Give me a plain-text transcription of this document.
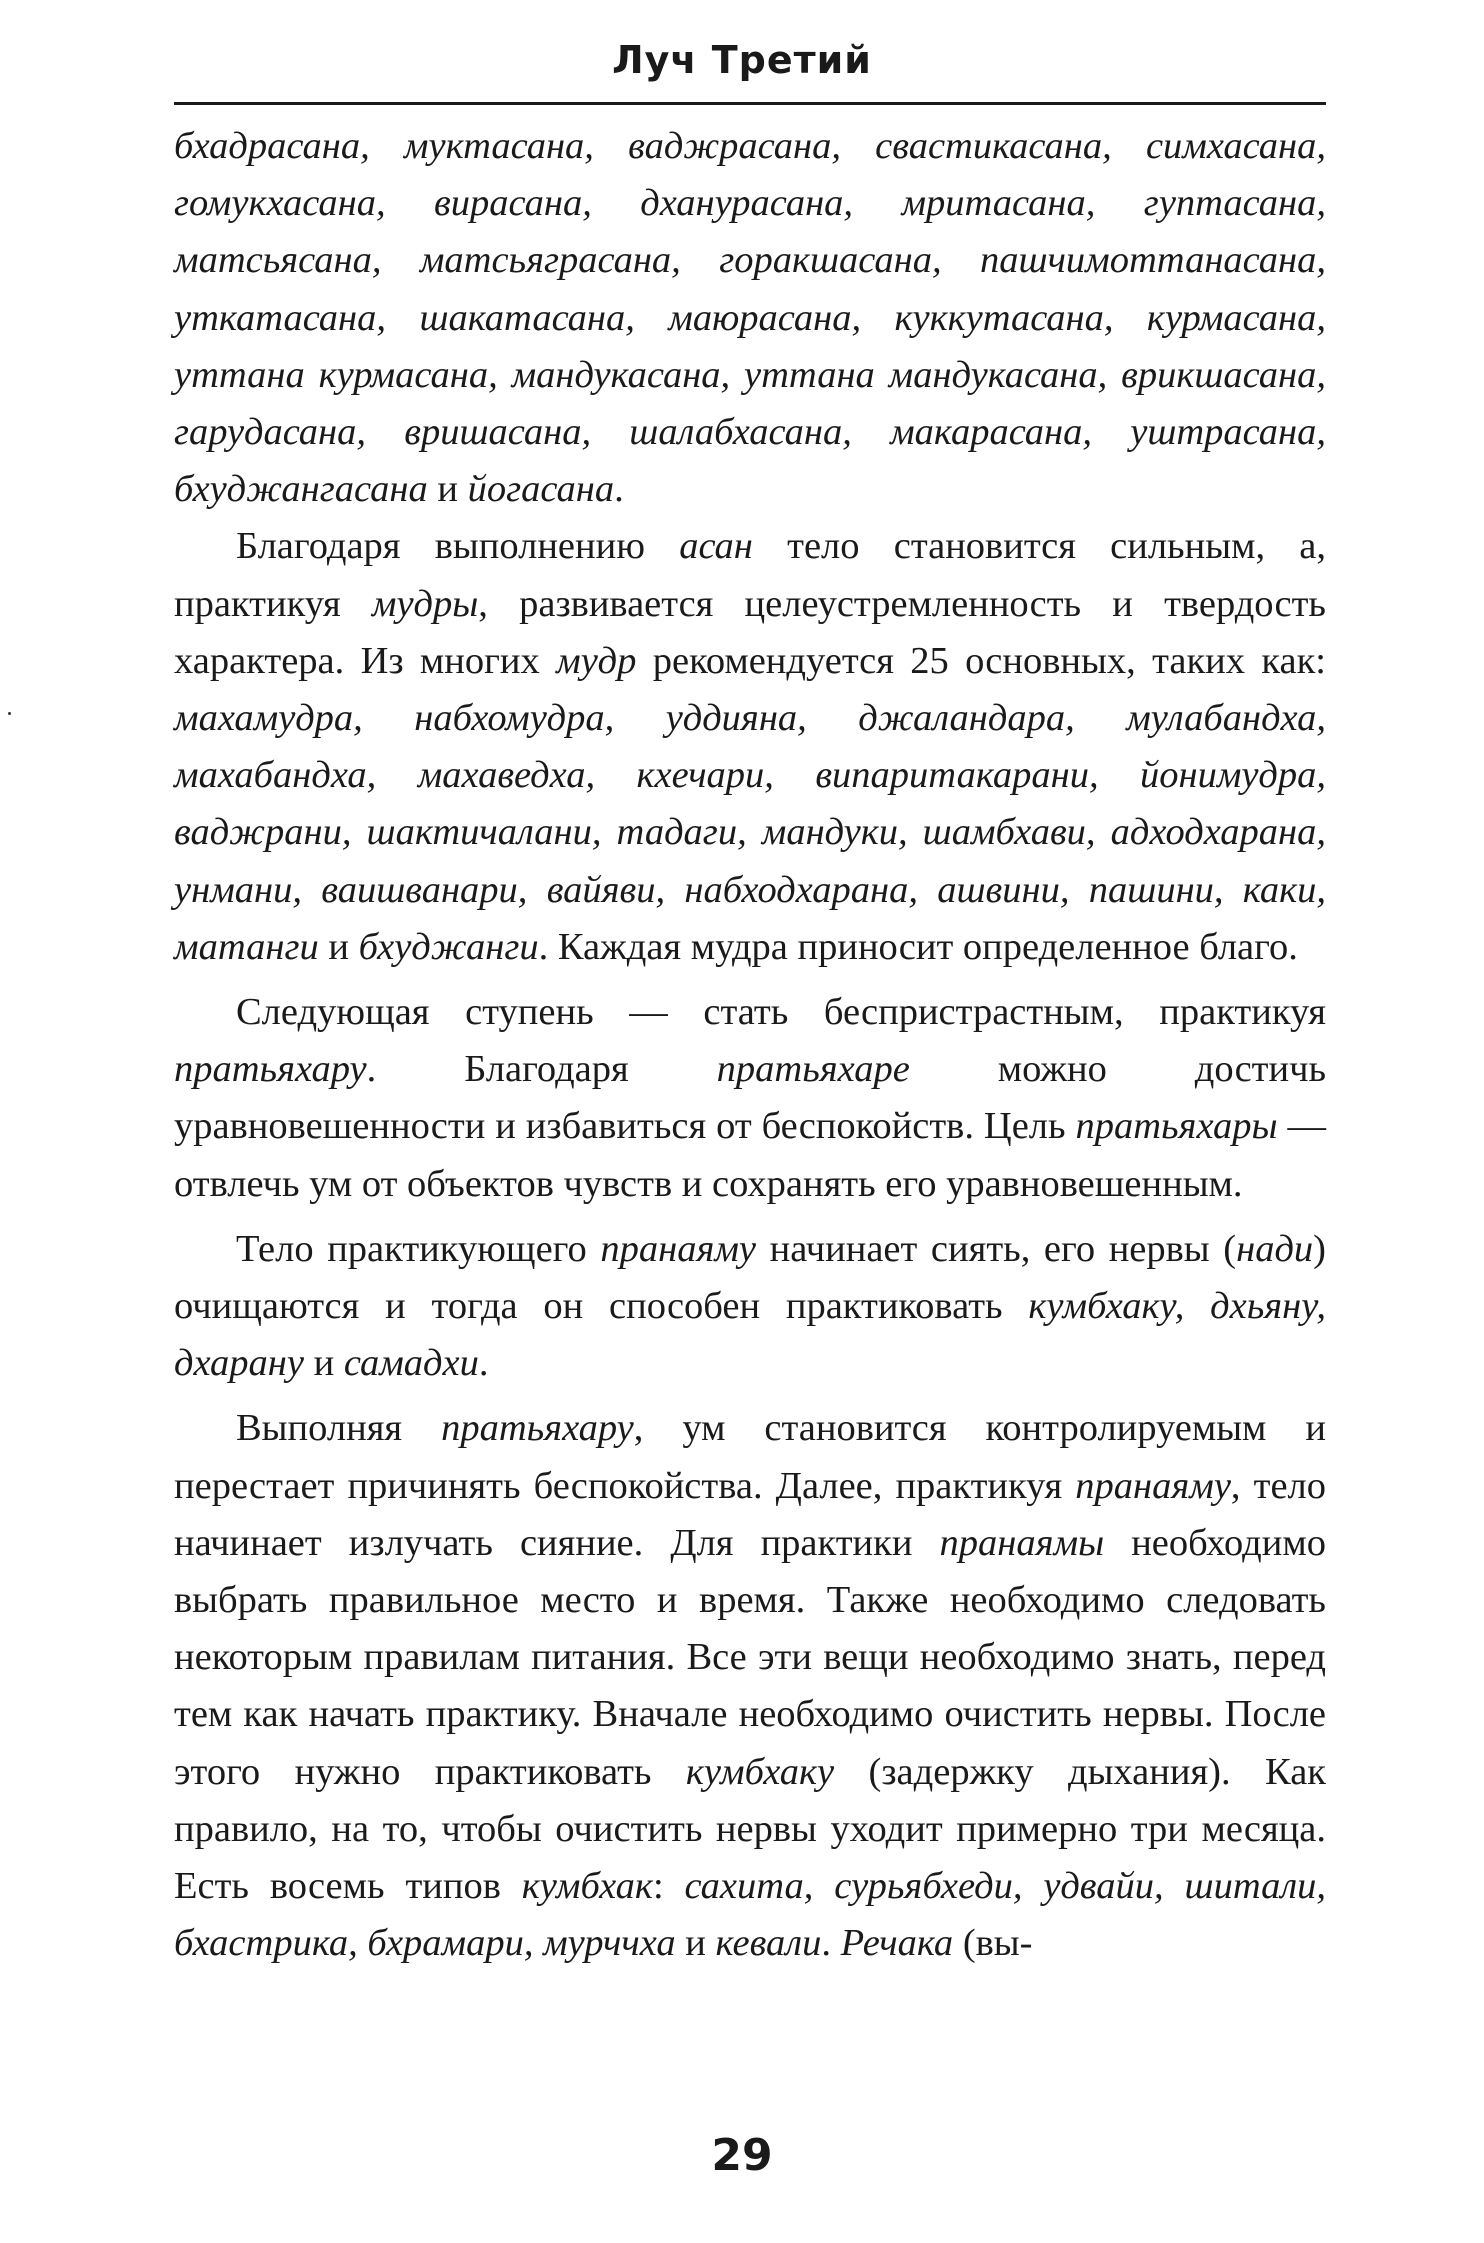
Луч Третий

бхадрасана, муктасана, ваджрасана, свастикасана, симхасана, гомукхасана, вирасана, дханурасана, мритасана, гуптасана, матсьясана, матсьяграсана, горакшасана, пашчимоттанасана, уткатасана, шакатасана, маюрасана, куккутасана, курмасана, уттана курмасана, мандукасана, уттана мандукасана, врикшасана, гарудасана, вришасана, шалабхасана, макарасана, уштрасана, бхуджангасана и йогасана.

Благодаря выполнению асан тело становится сильным, а, практикуя мудры, развивается целеустремленность и твердость характера. Из многих мудр рекомендуется 25 основных, таких как: махамудра, набхомудра, уддияна, джаландара, мулабандха, махабандха, махаведха, кхечари, випаритакарани, йонимудра, ваджрани, шактичалани, тадаги, мандуки, шамбхави, адходхарана, унмани, ваишванари, вайяви, набходхарана, ашвини, пашини, каки, матанги и бхуджанги. Каждая мудра приносит определенное благо.

Следующая ступень — стать беспристрастным, практикуя пратьяхару. Благодаря пратьяхаре можно достичь уравновешенности и избавиться от беспокойств. Цель пратьяхары — отвлечь ум от объектов чувств и сохранять его уравновешенным.

Тело практикующего пранаяму начинает сиять, его нервы (нади) очищаются и тогда он способен практиковать кумбхаку, дхьяну, дхарану и самадхи.

Выполняя пратьяхару, ум становится контролируемым и перестает причинять беспокойства. Далее, практикуя пранаяму, тело начинает излучать сияние. Для практики пранаямы необходимо выбрать правильное место и время. Также необходимо следовать некоторым правилам питания. Все эти вещи необходимо знать, перед тем как начать практику. Вначале необходимо очистить нервы. После этого нужно практиковать кумбхаку (задержку дыхания). Как правило, на то, чтобы очистить нервы уходит примерно три месяца. Есть восемь типов кумбхак: сахита, сурьябхеди, удвайи, шитали, бхастрика, бхрамари, мурччха и кевали. Речака (вы-

29
